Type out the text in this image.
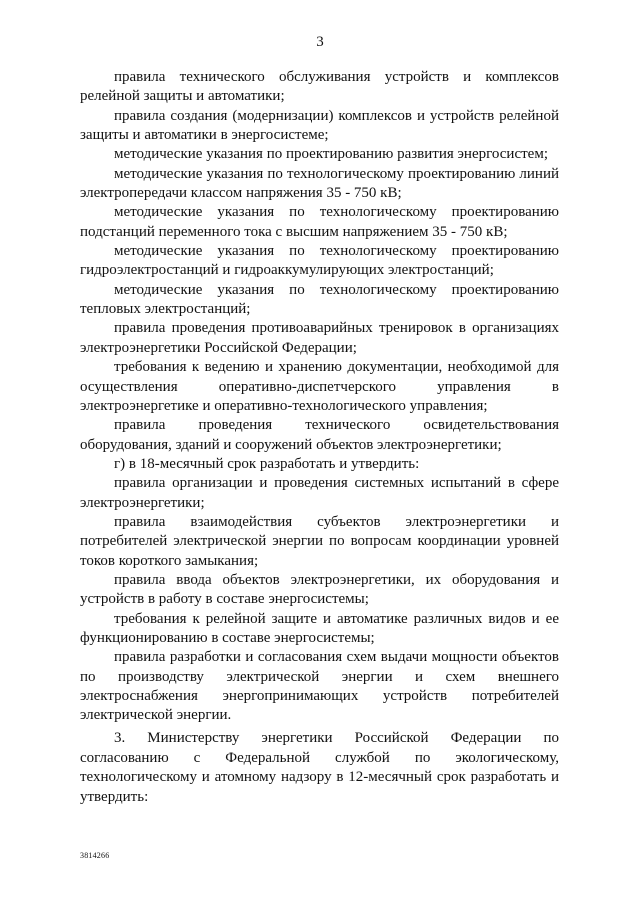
3

правила технического обслуживания устройств и комплексов релейной защиты и автоматики;

правила создания (модернизации) комплексов и устройств релейной защиты и автоматики в энергосистеме;

методические указания по проектированию развития энергосистем;

методические указания по технологическому проектированию линий электропередачи классом напряжения 35 - 750 кВ;

методические указания по технологическому проектированию подстанций переменного тока с высшим напряжением 35 - 750 кВ;

методические указания по технологическому проектированию гидроэлектростанций и гидроаккумулирующих электростанций;

методические указания по технологическому проектированию тепловых электростанций;

правила проведения противоаварийных тренировок в организациях электроэнергетики Российской Федерации;

требования к ведению и хранению документации, необходимой для осуществления оперативно-диспетчерского управления в электроэнергетике и оперативно-технологического управления;

правила проведения технического освидетельствования оборудования, зданий и сооружений объектов электроэнергетики;

г) в 18-месячный срок разработать и утвердить:

правила организации и проведения системных испытаний в сфере электроэнергетики;

правила взаимодействия субъектов электроэнергетики и потребителей электрической энергии по вопросам координации уровней токов короткого замыкания;

правила ввода объектов электроэнергетики, их оборудования и устройств в работу в составе энергосистемы;

требования к релейной защите и автоматике различных видов и ее функционированию в составе энергосистемы;

правила разработки и согласования схем выдачи мощности объектов по производству электрической энергии и схем внешнего электроснабжения энергопринимающих устройств потребителей электрической энергии.

3. Министерству энергетики Российской Федерации по согласованию с Федеральной службой по экологическому, технологическому и атомному надзору в 12-месячный срок разработать и утвердить:

3814266
